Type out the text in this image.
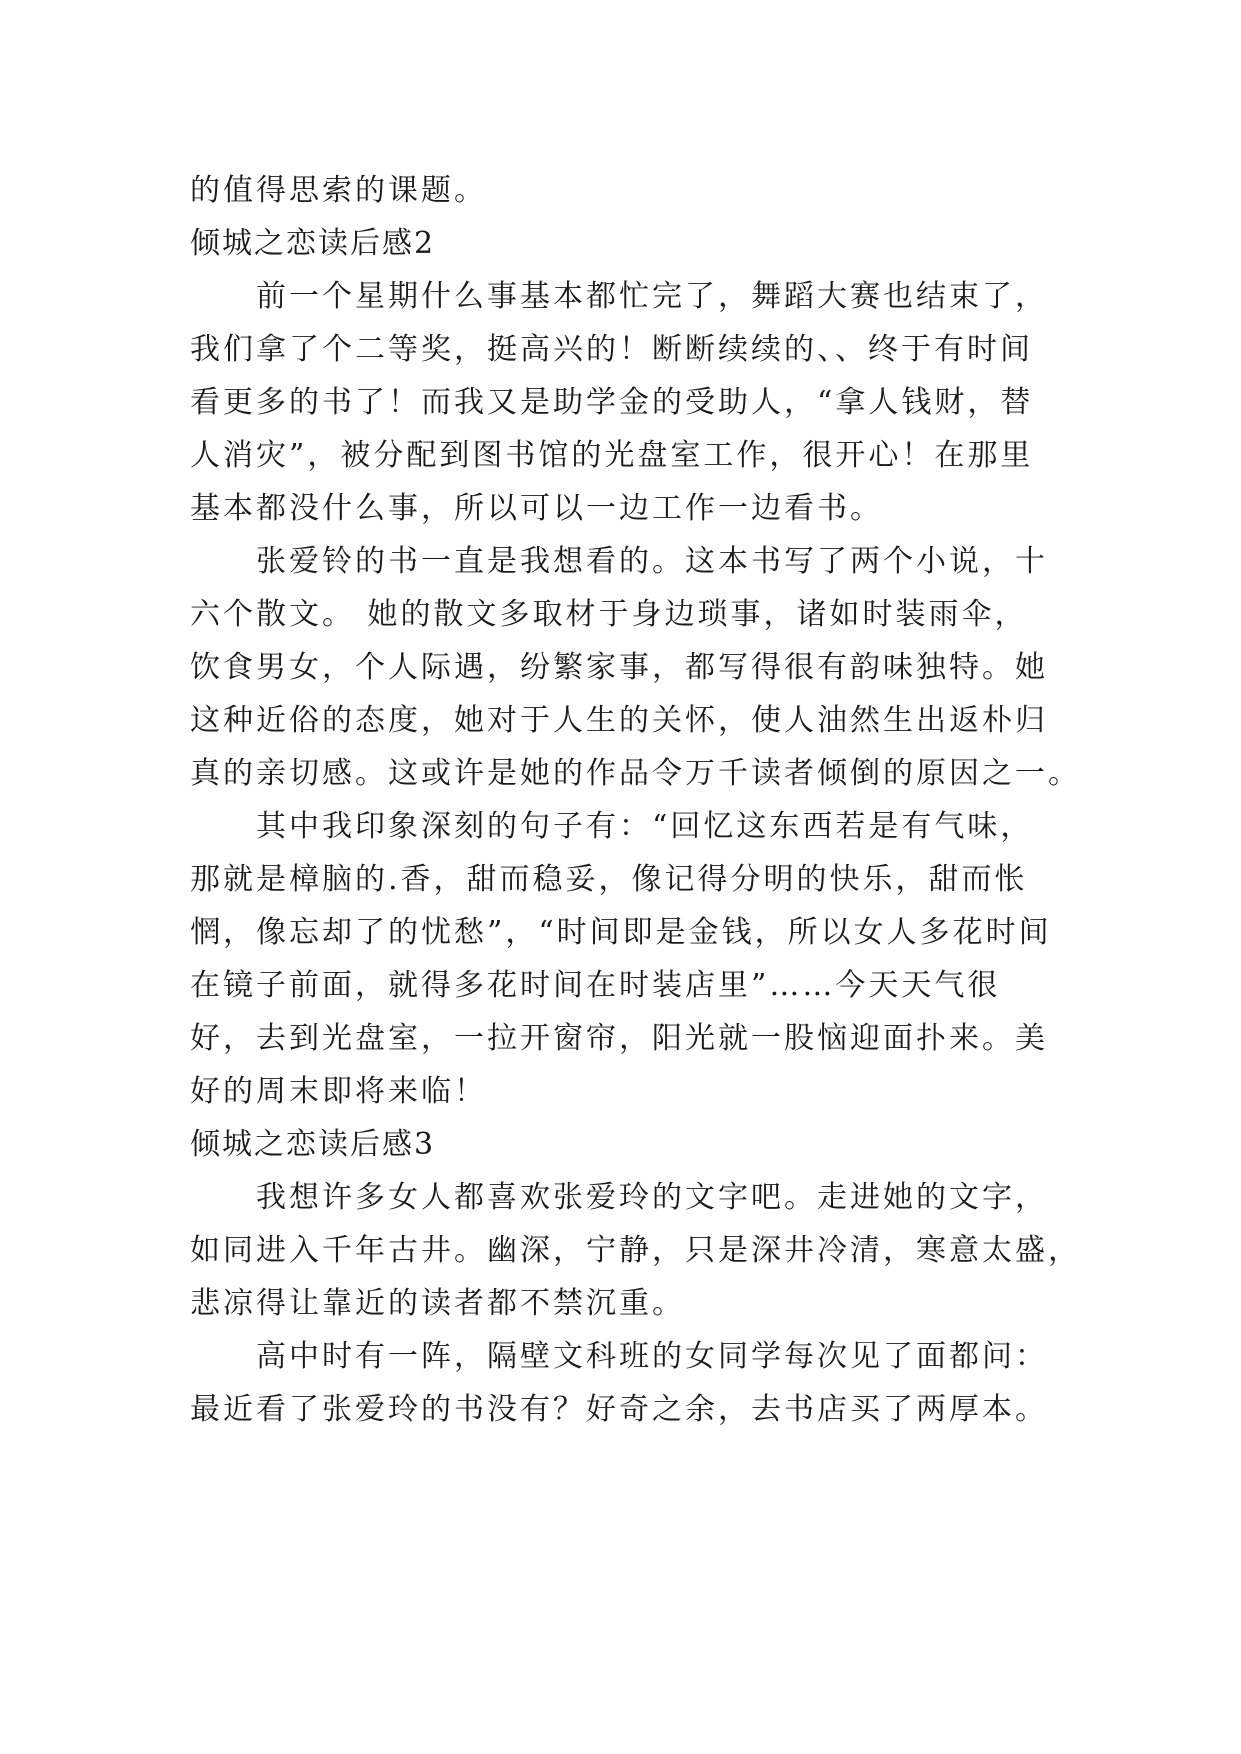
的值得思索的课题。
倾城之恋读后感2
前一个星期什么事基本都忙完了，舞蹈大赛也结束了，
我们拿了个二等奖，挺高兴的！断断续续的、、终于有时间
看更多的书了！而我又是助学金的受助人，“拿人钱财，替
人消灾”，被分配到图书馆的光盘室工作，很开心！在那里
基本都没什么事，所以可以一边工作一边看书。
张爱铃的书一直是我想看的。这本书写了两个小说，十
六个散文。 她的散文多取材于身边琐事，诸如时装雨伞，
饮食男女，个人际遇，纷繁家事，都写得很有韵味独特。她
这种近俗的态度，她对于人生的关怀，使人油然生出返朴归
真的亲切感。这或许是她的作品令万千读者倾倒的原因之一。
其中我印象深刻的句子有：“回忆这东西若是有气味，
那就是樟脑的.香，甜而稳妥，像记得分明的快乐，甜而怅
惘，像忘却了的忧愁”，“时间即是金钱，所以女人多花时间
在镜子前面，就得多花时间在时装店里”……今天天气很
好，去到光盘室，一拉开窗帘，阳光就一股恼迎面扑来。美
好的周末即将来临！
倾城之恋读后感3
我想许多女人都喜欢张爱玲的文字吧。走进她的文字，
如同进入千年古井。幽深，宁静，只是深井冷清，寒意太盛，
悲凉得让靠近的读者都不禁沉重。
高中时有一阵，隔壁文科班的女同学每次见了面都问：
最近看了张爱玲的书没有？好奇之余，去书店买了两厚本。
